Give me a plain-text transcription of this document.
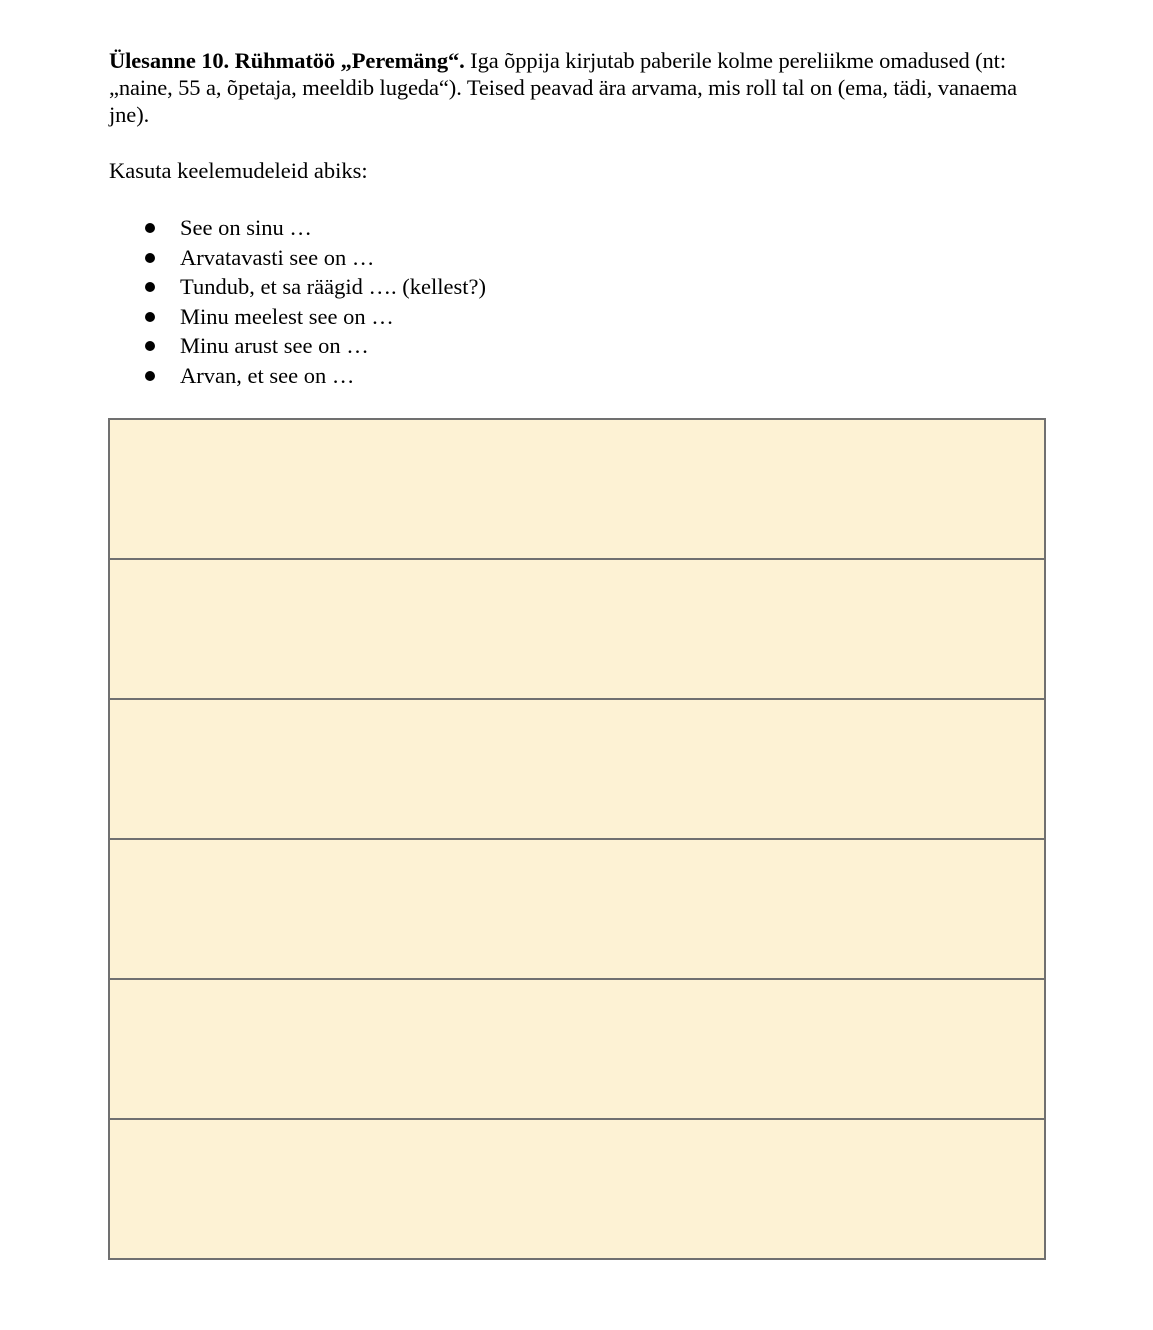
Ülesanne 10. Rühmatöö „Peremäng“. Iga õppija kirjutab paberile kolme pereliikme omadused (nt: „naine, 55 a, õpetaja, meeldib lugeda“). Teised peavad ära arvama, mis roll tal on (ema, tädi, vanaema jne).

Kasuta keelemudeleid abiks:

See on sinu …
Arvatavasti see on …
Tundub, et sa räägid …. (kellest?)
Minu meelest see on …
Minu arust see on …
Arvan, et see on …
